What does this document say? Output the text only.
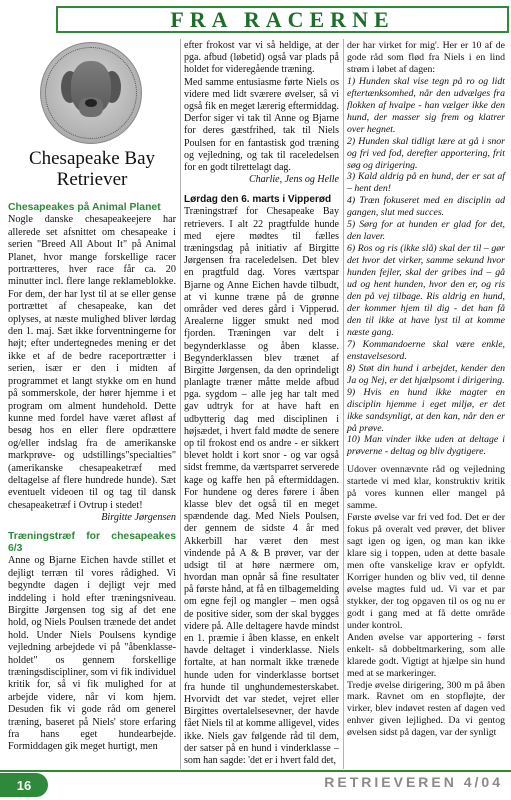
FRA RACERNE
Chesapeake Bay Retriever

Chesapeakes på Animal Planet

Nogle danske chesapeakeejere har allerede set afsnittet om chesapeake i serien "Breed All About It" på Animal Planet, hvor mange forskellige racer portrætteres, hver race får ca. 20 minutter incl. flere lange reklameblokke. For dem, der har lyst til at se eller gense portrættet af chesapeake, kan det oplyses, at næste mulighed bliver lørdag den 1. maj. Sæt ikke forventningerne for højt; efter undertegnedes mening er det ikke et af de bedre raceportrætter i serien, især er den i midten af programmet et langt stykke om en hund på sommerskole, der hører hjemme i et program om alment hundehold. Dette kunne med fordel have været afløst af besøg hos en eller flere opdrættere og/eller indslag fra de amerikanske markprøve- og udstillings"specialties" (amerikanske chesapeaketræf med deltagelse af flere hundrede hunde). Sæt eventuelt videoen til og tag til dansk chesapeaketræf i Ovtrup i stedet!

Birgitte Jørgensen

Træningstræf for chesapeakes 6/3

Anne og Bjarne Eichen havde stillet et dejligt terræn til vores rådighed. Vi begyndte dagen i dejligt vejr med inddeling i hold efter træningsniveau. Birgitte Jørgensen tog sig af det ene hold, og Niels Poulsen trænede det andet hold. Under Niels Poulsens kyndige vejledning arbejdede vi på "åbenklasse-holdet" os gennem forskellige træningsdiscipliner, som vi fik individuel kritik for, så vi fik mulighed for at arbejde videre, når vi kom hjem. Desuden fik vi gode råd om generel træning, baseret på Niels' store erfaring fra hans eget hundearbejde. Formiddagen gik meget hurtigt, men

efter frokost var vi så heldige, at der pga. afbud (løbetid) også var plads på holdet for videregående træning.

Med samme entusiasme førte Niels os videre med lidt sværere øvelser, så vi også fik en meget lærerig eftermiddag.

Derfor siger vi tak til Anne og Bjarne for deres gæstfrihed, tak til Niels Poulsen for en fantastisk god træning og vejledning, og tak til raceledelsen for en godt tilrettelagt dag.

Charlie, Jens og Helle

Lørdag den 6. marts i Vipperød

Træningstræf for Chesapeake Bay retrievers. I alt 22 pragtfulde hunde med ejere mødtes til fælles træningsdag på initiativ af Birgitte Jørgensen fra raceledelsen. Det blev en pragtfuld dag. Vores værtspar Bjarne og Anne Eichen havde tilbudt, at vi kunne træne på de grønne områder ved deres gård i Vipperød. Arealerne ligger smukt ned mod fjorden. Træningen var delt i begynderklasse og åben klasse. Begynderklassen blev trænet af Birgitte Jørgensen, da den oprindeligt planlagte træner måtte melde afbud pga. sygdom – alle jeg har talt med gav udtryk for at have haft en udbytterig dag med disciplinen i højsædet, i hvert fald mødte de senere op til frokost end os andre - er sikkert blevet holdt i kort snor - og var også sidst fremme, da værtsparret serverede kage og kaffe hen på eftermiddagen. For hundene og deres førere i åben klasse blev det også til en meget spændende dag. Med Niels Poulsen, der gennem de sidste 4 år med Akkerbill har været den mest vindende på A & B prøver, var der udsigt til at høre nærmere om, hvordan man opnår så fine resultater på første hånd, at få en tilbagemelding om egne fejl og mangler – men også de positive sider, som der skal bygges videre på. Alle deltagere havde mindst en 1. præmie i åben klasse, en enkelt havde deltaget i vinderklasse. Niels fortalte, at han normalt ikke trænede hunde uden for vinderklasse bortset fra hunde til unghundemesterskabet. Hvorvidt det var stedet, vejret eller Birgittes overtalelsesevner, der havde fået Niels til at komme alligevel, vides ikke. Niels gav følgende råd til dem, der satser på en hund i vinderklasse – som han sagde: 'det er i hvert fald det,

der har virket for mig'. Her er 10 af de gode råd som flød fra Niels i en lind strøm i løbet af dagen:

1) Hunden skal vise tegn på ro og lidt eftertænksomhed, når den udvælges fra flokken af hvalpe - han vælger ikke den hund, der masser sig frem og klatrer over hegnet.

2) Hunden skal tidligt lære at gå i snor og fri ved fod, derefter apportering, frit søg og dirigering.

3) Kald aldrig på en hund, der er sat af – hent den!

4) Træn fokuseret med en disciplin ad gangen, slut med succes.

5) Sørg for at hunden er glad for det, den laver.

6) Ros og ris (ikke slå) skal der til – gør det hvor det virker, samme sekund hvor hunden fejler, skal der gribes ind – gå ud og hent hunden, hvor den er, og ris den på vej tilbage. Ris aldrig en hund, der kommer hjem til dig - det han få den til ikke at have lyst til at komme næste gang.

7) Kommandoerne skal være enkle, enstavelsesord.

8) Støt din hund i arbejdet, kender den Ja og Nej, er det hjælpsomt i dirigering.

9) Hvis en hund ikke magter en disciplin hjemme i eget miljø, er det ikke sandsynligt, at den kan, når den er på prøve.

10) Man vinder ikke uden at deltage i prøverne - deltag og bliv dygtigere.

Udover ovennævnte råd og vejledning startede vi med klar, konstruktiv kritik på vores kunnen eller mangel på samme.

Første øvelse var fri ved fod. Det er der fokus på overalt ved prøver, det bliver sagt igen og igen, og man kan ikke klare sig i toppen, uden at dette basale men ofte vanskelige krav er opfyldt. Korriger hunden og bliv ved, til denne øvelse magtes fuld ud. Vi var et par stykker, der tog opgaven til os og nu er godt i gang med at få dette område under kontrol.

Anden øvelse var apportering - først enkelt- så dobbeltmarkering, som alle klarede godt. Vigtigt at hjælpe sin hund med at se markeringer.

Tredje øvelse dirigering, 300 m på åben mark. Ravnet om en stopfløjte, der virker, blev indøvet resten af dagen ved enhver given lejlighed. Da vi gentog øvelsen sidst på dagen, var der synligt

16	RETRIEVEREN 4/04
